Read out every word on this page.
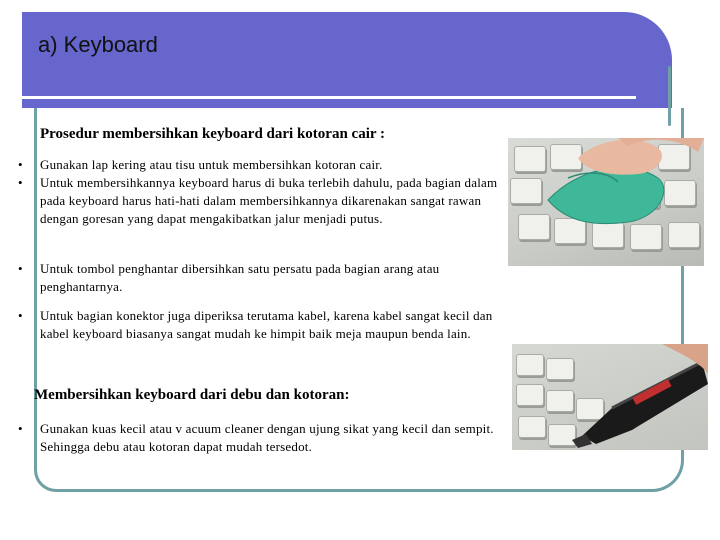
a) Keyboard
Prosedur membersihkan keyboard dari kotoran cair :
•	Gunakan lap kering atau tisu untuk membersihkan kotoran cair.
•	Untuk membersihkannya keyboard harus di buka terlebih dahulu, pada bagian dalam pada keyboard harus hati-hati dalam membersihkannya dikarenakan sangat rawan dengan goresan yang dapat mengakibatkan jalur menjadi putus.
•	Untuk tombol penghantar dibersihkan satu persatu pada bagian arang atau penghantarnya.
•	Untuk bagian konektor juga diperiksa terutama kabel, karena kabel sangat kecil dan kabel keyboard biasanya sangat mudah ke himpit baik meja maupun benda lain.
Membersihkan keyboard dari debu dan kotoran:
•	Gunakan kuas kecil atau v acuum cleaner dengan ujung sikat yang kecil dan sempit. Sehingga debu atau kotoran dapat mudah tersedot.
